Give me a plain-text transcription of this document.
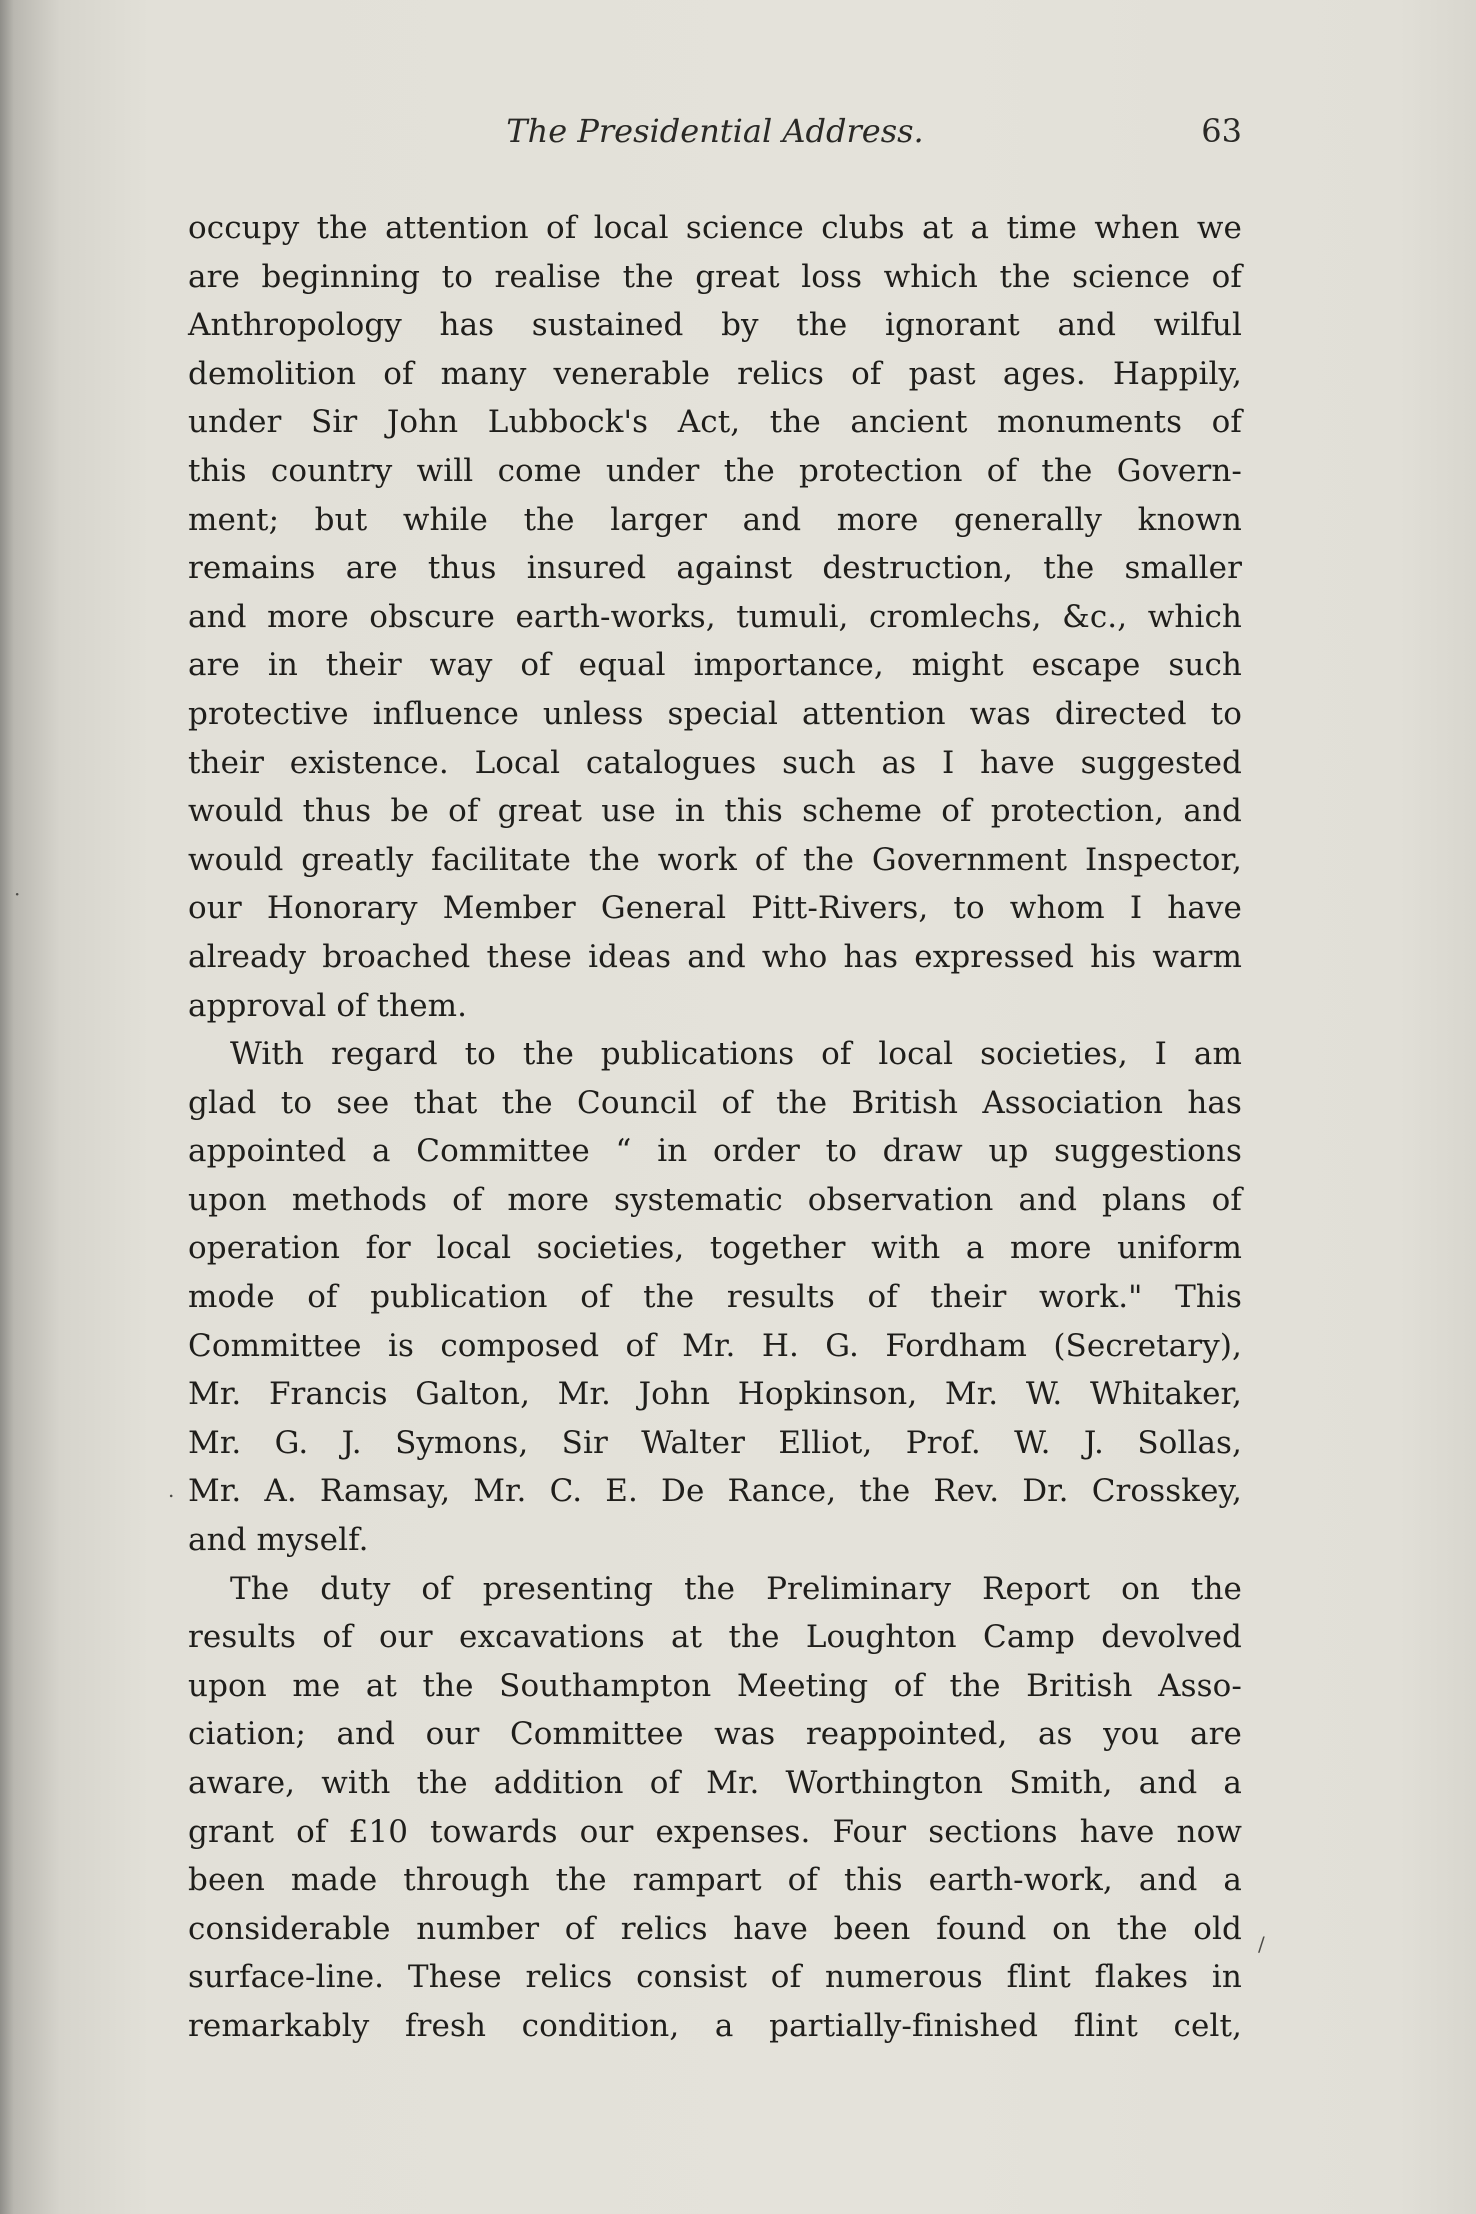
The Presidential Address.	63
occupy the attention of local science clubs at a time when we
are beginning to realise the great loss which the science of
Anthropology has sustained by the ignorant and wilful
demolition of many venerable relics of past ages. Happily,
under Sir John Lubbock's Act, the ancient monuments of
this country will come under the protection of the Govern-
ment; but while the larger and more generally known
remains are thus insured against destruction, the smaller
and more obscure earth-works, tumuli, cromlechs, &c., which
are in their way of equal importance, might escape such
protective influence unless special attention was directed to
their existence. Local catalogues such as I have suggested
would thus be of great use in this scheme of protection, and
would greatly facilitate the work of the Government Inspector,
our Honorary Member General Pitt-Rivers, to whom I have
already broached these ideas and who has expressed his warm
approval of them.
With regard to the publications of local societies, I am
glad to see that the Council of the British Association has
appointed a Committee “ in order to draw up suggestions
upon methods of more systematic observation and plans of
operation for local societies, together with a more uniform
mode of publication of the results of their work." This
Committee is composed of Mr. H. G. Fordham (Secretary),
Mr. Francis Galton, Mr. John Hopkinson, Mr. W. Whitaker,
Mr. G. J. Symons, Sir Walter Elliot, Prof. W. J. Sollas,
Mr. A. Ramsay, Mr. C. E. De Rance, the Rev. Dr. Crosskey,
and myself.
The duty of presenting the Preliminary Report on the
results of our excavations at the Loughton Camp devolved
upon me at the Southampton Meeting of the British Asso-
ciation; and our Committee was reappointed, as you are
aware, with the addition of Mr. Worthington Smith, and a
grant of £10 towards our expenses. Four sections have now
been made through the rampart of this earth-work, and a
considerable number of relics have been found on the old
surface-line. These relics consist of numerous flint flakes in
remarkably fresh condition, a partially-finished flint celt,
·
.
/
